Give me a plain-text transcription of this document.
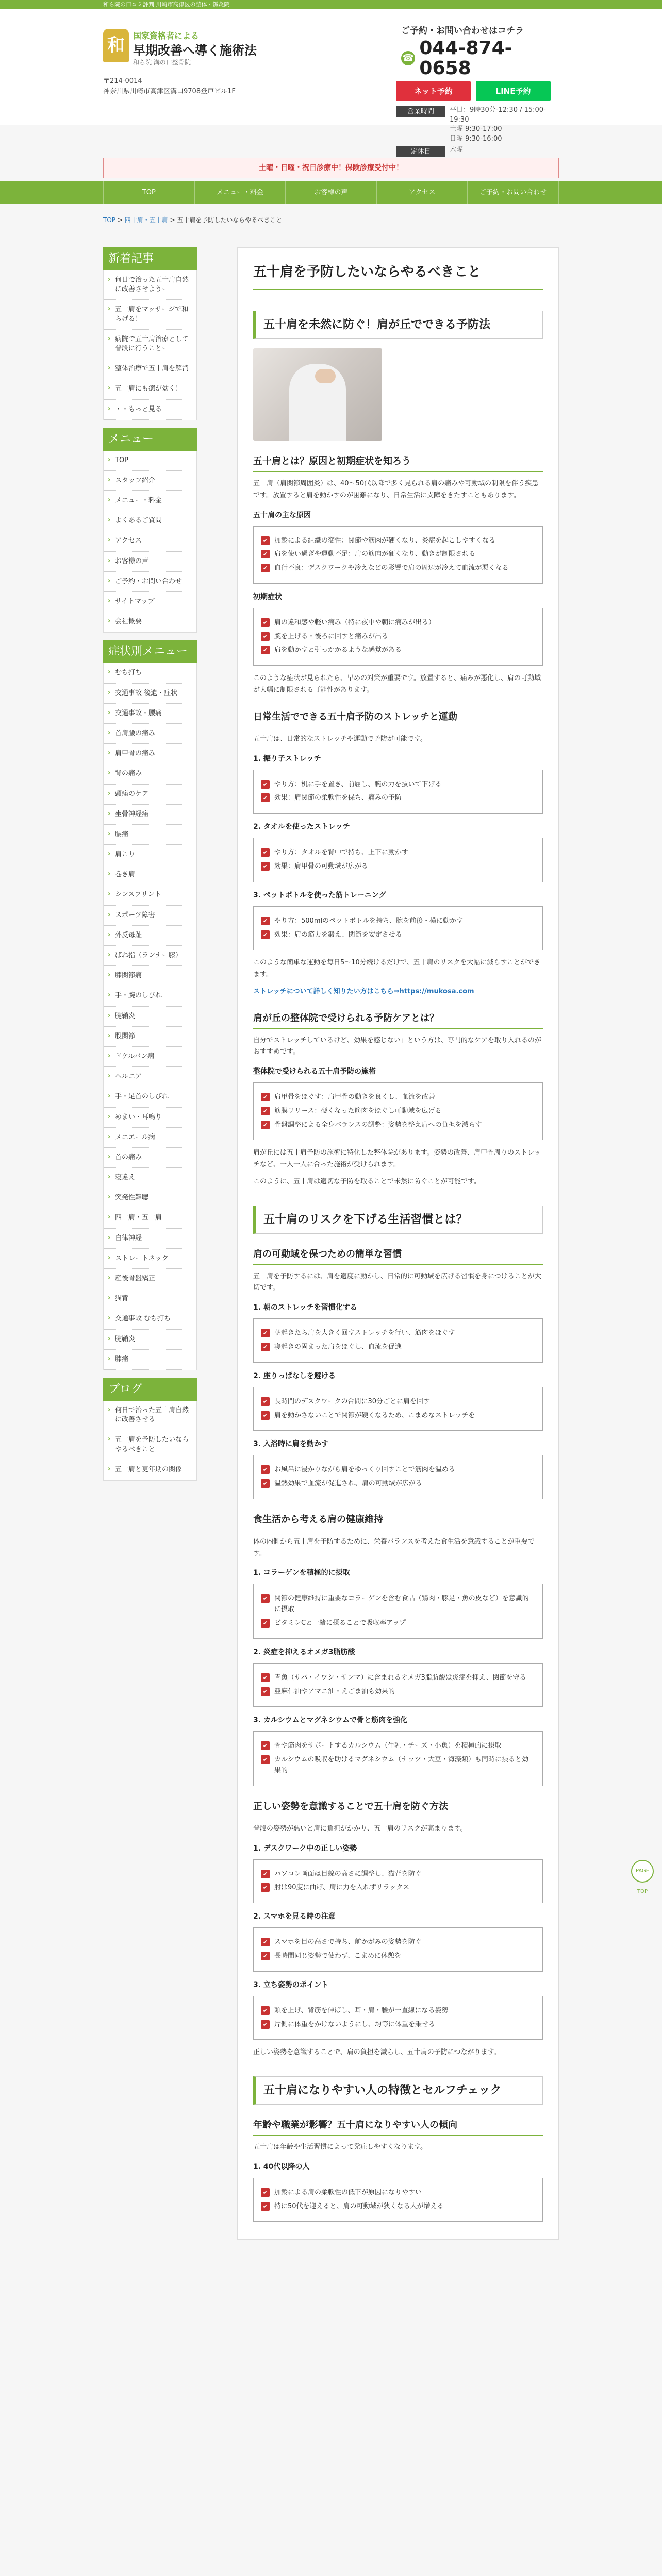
和ら院の口コミ評判 川崎市高津区の整体・鍼灸院
和	国家資格者による
早期改善へ導く施術法
和ら院 溝の口整骨院
〒214-0014
神奈川県川崎市高津区溝口9708登戸ビル1F
ご予約・お問い合わせはコチラ
☎ 044-874-0658
ネット予約	LINE予約
営業時間	平日：9時30分-12:30 / 15:00-19:30
土曜 9:30-17:00
日曜 9:30-16:00
定休日	木曜
土曜・日曜・祝日診療中！保険診療受付中！
TOP	メニュー・料金	お客様の声	アクセス	ご予約・お問い合わせ
TOP > 四十肩・五十肩 > 五十肩を予防したいならやるべきこと
新着記事
› 何日で治った五十肩自然に改善させようー
› 五十肩をマッサージで和らげる！
› 病院で五十肩治療として普段に行うことー
› 整体治療で五十肩を解消
› 五十肩にも癒が効く！
› ・・もっと見る
メニュー
› TOP
› スタッフ紹介
› メニュー・料金
› よくあるご質問
› アクセス
› お客様の声
› ご予約・お問い合わせ
› サイトマップ
› 会社概要
症状別メニュー
› むち打ち
› 交通事故 後遺・症状
› 交通事故・腰痛
› 首肩腰の痛み
› 肩甲骨の痛み
› 背の痛み
› 頭痛のケア
› 坐骨神経痛
› 腰痛
› 肩こり
› 巻き肩
› シンスプリント
› スポーツ障害
› 外反母趾
› ばね指（ランナー膝）
› 膝関節痛
› 手・腕のしびれ
› 腱鞘炎
› 股関節
› ドケルバン病
› ヘルニア
› 手・足首のしびれ
› めまい・耳鳴り
› メニエール病
› 首の痛み
› 寝違え
› 突発性難聴
› 四十肩・五十肩
› 自律神経
› ストレートネック
› 産後骨盤矯正
› 猫背
› 交通事故 むち打ち
› 腱鞘炎
› 膝痛
ブログ
› 何日で治った五十肩自然に改善させる
› 五十肩を予防したいならやるべきこと
› 五十肩と更年期の関係
五十肩を予防したいならやるべきこと
五十肩を未然に防ぐ！肩が丘でできる予防法
五十肩とは？原因と初期症状を知ろう

五十肩（肩関節周囲炎）は、40〜50代以降で多く見られる肩の痛みや可動域の制限を伴う疾患です。放置すると肩を動かすのが困難になり、日常生活に支障をきたすこともあります。

五十肩の主な原因
✔ 加齢による組織の変性：関節や筋肉が硬くなり、炎症を起こしやすくなる
✔ 肩を使い過ぎや運動不足：肩の筋肉が硬くなり、動きが制限される
✔ 血行不良：デスクワークや冷えなどの影響で肩の周辺が冷えて血流が悪くなる
初期症状
✔ 肩の違和感や軽い痛み（特に夜中や朝に痛みが出る）
✔ 腕を上げる・後ろに回すと痛みが出る
✔ 肩を動かすと引っかかるような感覚がある

このような症状が見られたら、早めの対策が重要です。放置すると、痛みが悪化し、肩の可動域が大幅に制限される可能性があります。

日常生活でできる五十肩予防のストレッチと運動

五十肩は、日常的なストレッチや運動で予防が可能です。

1. 振り子ストレッチ
✔ やり方：机に手を置き、前屈し、腕の力を抜いて下げる
✔ 効果：肩関節の柔軟性を保ち、痛みの予防
2. タオルを使ったストレッチ
✔ やり方：タオルを背中で持ち、上下に動かす
✔ 効果：肩甲骨の可動域が広がる
3. ペットボトルを使った筋トレーニング
✔ やり方：500mlのペットボトルを持ち、腕を前後・横に動かす
✔ 効果：肩の筋力を鍛え、関節を安定させる

このような簡単な運動を毎日5〜10分続けるだけで、五十肩のリスクを大幅に減らすことができます。

ストレッチについて詳しく知りたい方はこちら⇒https://mukosa.com

肩が丘の整体院で受けられる予防ケアとは？

自分でストレッチしているけど、効果を感じない」という方は、専門的なケアを取り入れるのがおすすめです。

整体院で受けられる五十肩予防の施術
✔ 肩甲骨をほぐす：肩甲骨の動きを良くし、血流を改善
✔ 筋膜リリース：硬くなった筋肉をほぐし可動域を広げる
✔ 骨盤調整による全身バランスの調整：姿勢を整え肩への負担を減らす

肩が丘には五十肩予防の施術に特化した整体院があります。姿勢の改善、肩甲骨周りのストレッチなど、一人一人に合った施術が受けられます。

このように、五十肩は適切な予防を取ることで未然に防ぐことが可能です。

五十肩のリスクを下げる生活習慣とは？
肩の可動域を保つための簡単な習慣

五十肩を予防するには、肩を適度に動かし、日常的に可動域を広げる習慣を身につけることが大切です。

1. 朝のストレッチを習慣化する
✔ 朝起きたら肩を大きく回すストレッチを行い、筋肉をほぐす
✔ 寝起きの固まった肩をほぐし、血流を促進
2. 座りっぱなしを避ける
✔ 長時間のデスクワークの合間に30分ごとに肩を回す
✔ 肩を動かさないことで関節が硬くなるため、こまめなストレッチを
3. 入浴時に肩を動かす
✔ お風呂に浸かりながら肩をゆっくり回すことで筋肉を温める
✔ 温熱効果で血流が促進され、肩の可動域が広がる
食生活から考える肩の健康維持

体の内側から五十肩を予防するために、栄養バランスを考えた食生活を意識することが重要です。

1. コラーゲンを積極的に摂取
✔ 関節の健康維持に重要なコラーゲンを含む食品（鶏肉・豚足・魚の皮など）を意識的に摂取
✔ ビタミンCと一緒に摂ることで吸収率アップ
2. 炎症を抑えるオメガ3脂肪酸
✔ 青魚（サバ・イワシ・サンマ）に含まれるオメガ3脂肪酸は炎症を抑え、関節を守る
✔ 亜麻仁油やアマニ油・えごま油も効果的
3. カルシウムとマグネシウムで骨と筋肉を強化
✔ 骨や筋肉をサポートするカルシウム（牛乳・チーズ・小魚）を積極的に摂取
✔ カルシウムの吸収を助けるマグネシウム（ナッツ・大豆・海藻類）も同時に摂ると効果的
正しい姿勢を意識することで五十肩を防ぐ方法

普段の姿勢が悪いと肩に負担がかかり、五十肩のリスクが高まります。

1. デスクワーク中の正しい姿勢
✔ パソコン画面は目線の高さに調整し、猫背を防ぐ
✔ 肘は90度に曲げ、肩に力を入れずリラックス
2. スマホを見る時の注意
✔ スマホを目の高さで持ち、前かがみの姿勢を防ぐ
✔ 長時間同じ姿勢で使わず、こまめに休憩を
3. 立ち姿勢のポイント
✔ 頭を上げ、背筋を伸ばし、耳・肩・腰が一直線になる姿勢
✔ 片側に体重をかけないようにし、均等に体重を乗せる

正しい姿勢を意識することで、肩の負担を減らし、五十肩の予防につながります。

五十肩になりやすい人の特徴とセルフチェック
年齢や職業が影響？五十肩になりやすい人の傾向

五十肩は年齢や生活習慣によって発症しやすくなります。

1. 40代以降の人
✔ 加齢による肩の柔軟性の低下が原因になりやすい
✔ 特に50代を迎えると、肩の可動域が狭くなる人が増える
PAGE TOP
